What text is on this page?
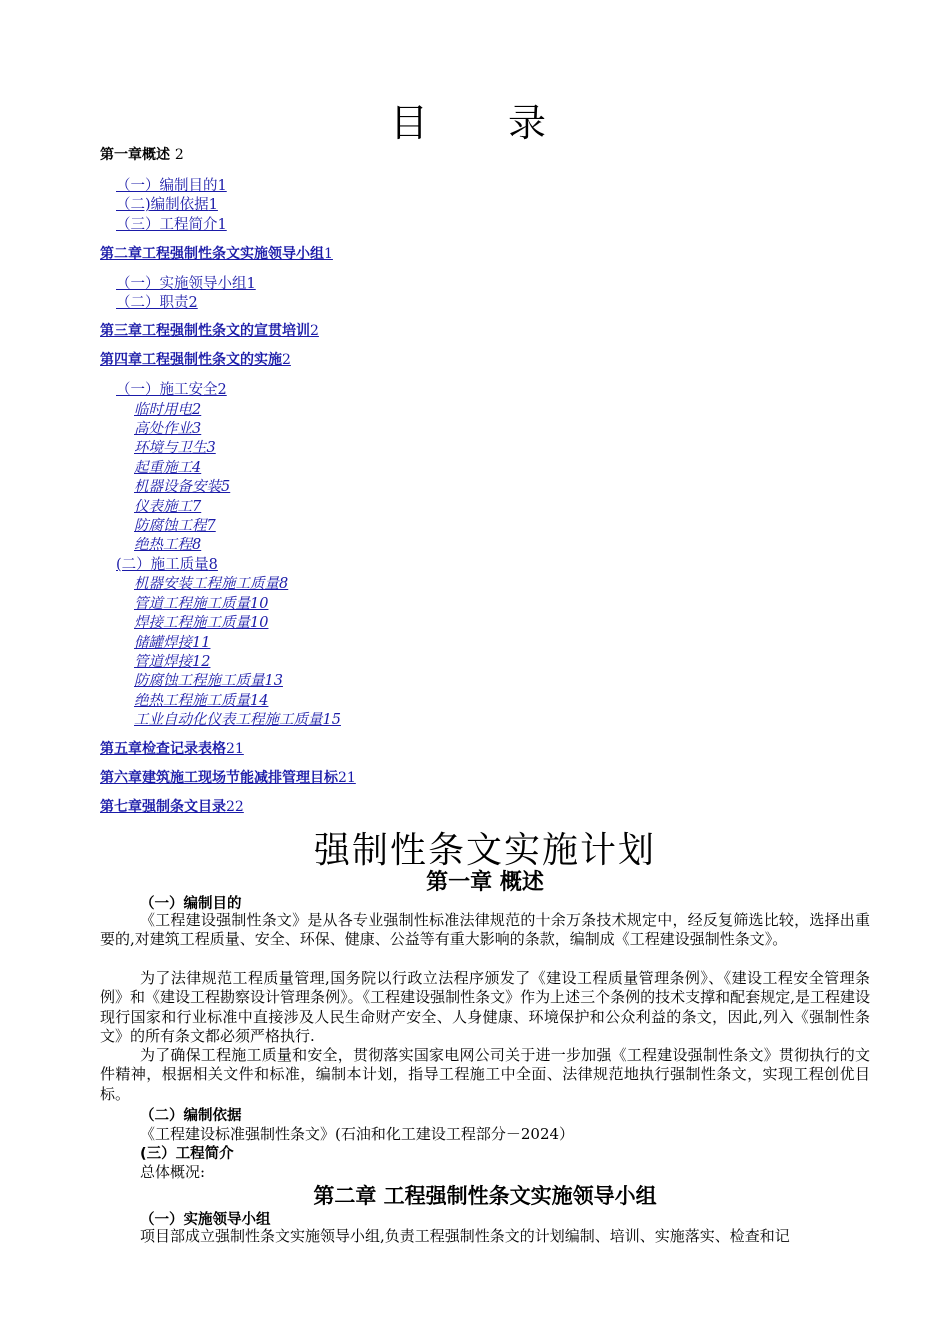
目 录
第一章概述 2
（一）编制目的1
（二)编制依据1
（三）工程简介1
第二章工程强制性条文实施领导小组1
（一）实施领导小组1
（二）职责2
第三章工程强制性条文的宣贯培训2
第四章工程强制性条文的实施2
（一）施工安全2
临时用电2
高处作业3
环境与卫生3
起重施工4
机器设备安装5
仪表施工7
防腐蚀工程7
绝热工程8
(二）施工质量8
机器安装工程施工质量8
管道工程施工质量10
焊接工程施工质量10
储罐焊接11
管道焊接12
防腐蚀工程施工质量13
绝热工程施工质量14
工业自动化仪表工程施工质量15
第五章检查记录表格21
第六章建筑施工现场节能减排管理目标21
第七章强制条文目录22
强制性条文实施计划
第一章 概述
（一）编制目的
《工程建设强制性条文》是从各专业强制性标准法律规范的十余万条技术规定中，经反复筛选比较，选择出重要的,对建筑工程质量、安全、环保、健康、公益等有重大影响的条款，编制成《工程建设强制性条文》。
为了法律规范工程质量管理,国务院以行政立法程序颁发了《建设工程质量管理条例》、《建设工程安全管理条例》和《建设工程勘察设计管理条例》。《工程建设强制性条文》作为上述三个条例的技术支撑和配套规定,是工程建设现行国家和行业标准中直接涉及人民生命财产安全、人身健康、环境保护和公众利益的条文，因此,列入《强制性条文》的所有条文都必须严格执行.
为了确保工程施工质量和安全，贯彻落实国家电网公司关于进一步加强《工程建设强制性条文》贯彻执行的文件精神，根据相关文件和标准，编制本计划，指导工程施工中全面、法律规范地执行强制性条文，实现工程创优目标。
（二）编制依据
《工程建设标准强制性条文》(石油和化工建设工程部分－2024）
(三）工程简介
总体概况:
第二章 工程强制性条文实施领导小组
（一）实施领导小组
项目部成立强制性条文实施领导小组,负责工程强制性条文的计划编制、培训、实施落实、检查和记
